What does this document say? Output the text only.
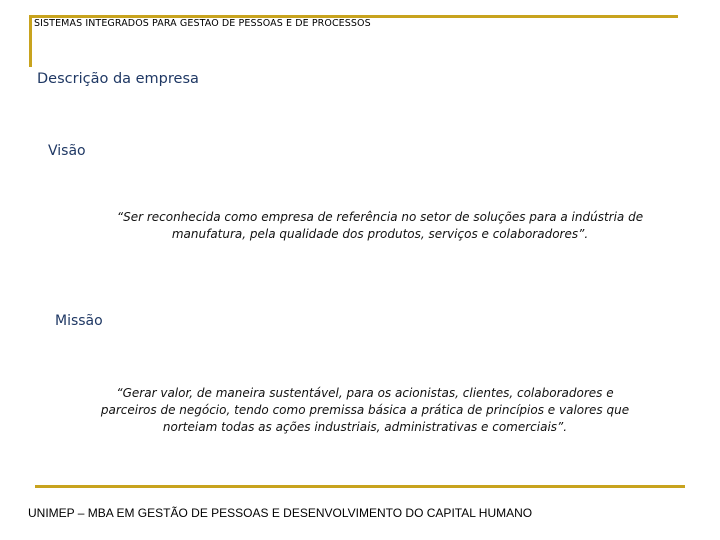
SISTEMAS INTEGRADOS PARA GESTAO DE PESSOAS E DE PROCESSOS
Descrição da empresa
Visão
“Ser reconhecida como empresa de referência no setor de soluções para a indústria de manufatura, pela qualidade dos produtos, serviços e colaboradores”.
Missão
“Gerar valor, de maneira sustentável, para os acionistas, clientes, colaboradores e parceiros de negócio, tendo como premissa básica a prática de princípios e valores que norteiam todas as ações industriais, administrativas e comerciais”.
UNIMEP – MBA EM GESTÃO DE PESSOAS E DESENVOLVIMENTO DO CAPITAL HUMANO
